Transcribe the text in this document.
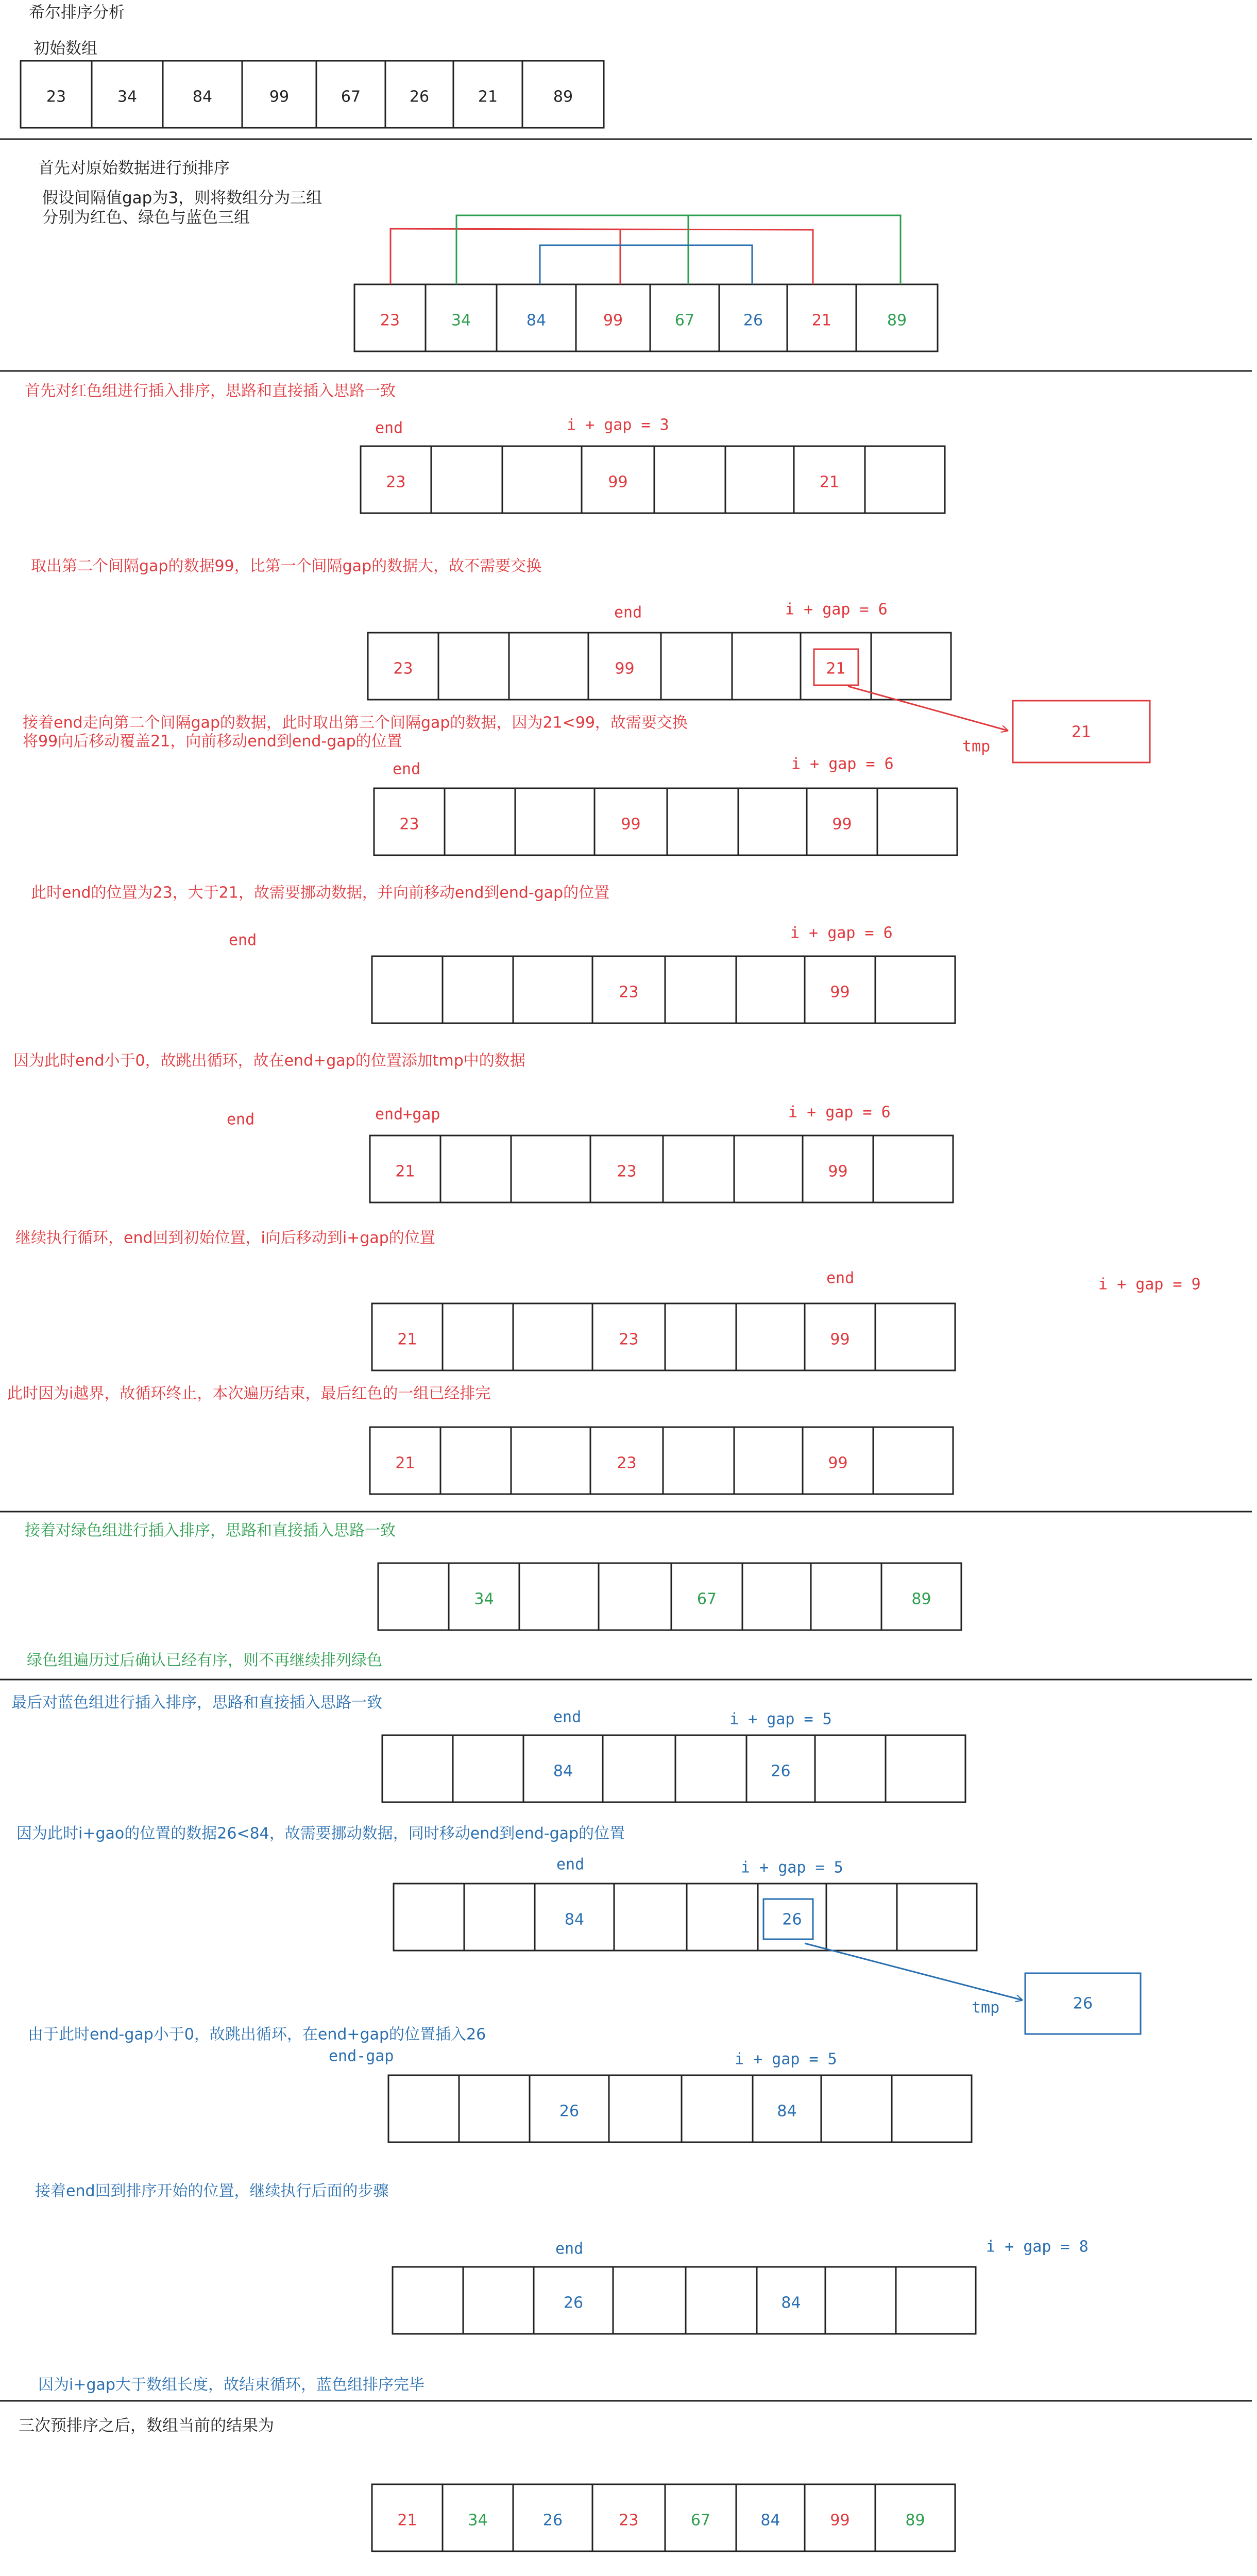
希尔排序分析
初始数组
23	34	84	99	67	26	21	89
首先对原始数据进行预排序
假设间隔值gap为3，则将数组分为三组
分别为红色、绿色与蓝色三组
23	34	84	99	67	26	21	89
首先对红色组进行插入排序，思路和直接插入思路一致
end	i + gap = 3
23	99	21
取出第二个间隔gap的数据99，比第一个间隔gap的数据大，故不需要交换
end	i + gap = 6
23	99	21
tmp
21
接着end走向第二个间隔gap的数据，此时取出第三个间隔gap的数据，因为21<99，故需要交换
将99向后移动覆盖21，向前移动end到end-gap的位置
end	i + gap = 6
23	99	99
此时end的位置为23，大于21，故需要挪动数据，并向前移动end到end-gap的位置
end	i + gap = 6
23	99
因为此时end小于0，故跳出循环，故在end+gap的位置添加tmp中的数据
end	end+gap	i + gap = 6
21	23	99
继续执行循环，end回到初始位置，i向后移动到i+gap的位置
end	i + gap = 9
21	23	99
此时因为i越界，故循环终止，本次遍历结束，最后红色的一组已经排完
21	23	99
接着对绿色组进行插入排序，思路和直接插入思路一致
34	67	89
绿色组遍历过后确认已经有序，则不再继续排列绿色
最后对蓝色组进行插入排序，思路和直接插入思路一致
end	i + gap = 5
84	26
因为此时i+gao的位置的数据26<84，故需要挪动数据，同时移动end到end-gap的位置
end	i + gap = 5
84	26
tmp	26
由于此时end-gap小于0，故跳出循环，在end+gap的位置插入26
end-gap	i + gap = 5
26	84
接着end回到排序开始的位置，继续执行后面的步骤
end	i + gap = 8
26	84
因为i+gap大于数组长度，故结束循环，蓝色组排序完毕
三次预排序之后，数组当前的结果为
21	34	26	23	67	84	99	89
